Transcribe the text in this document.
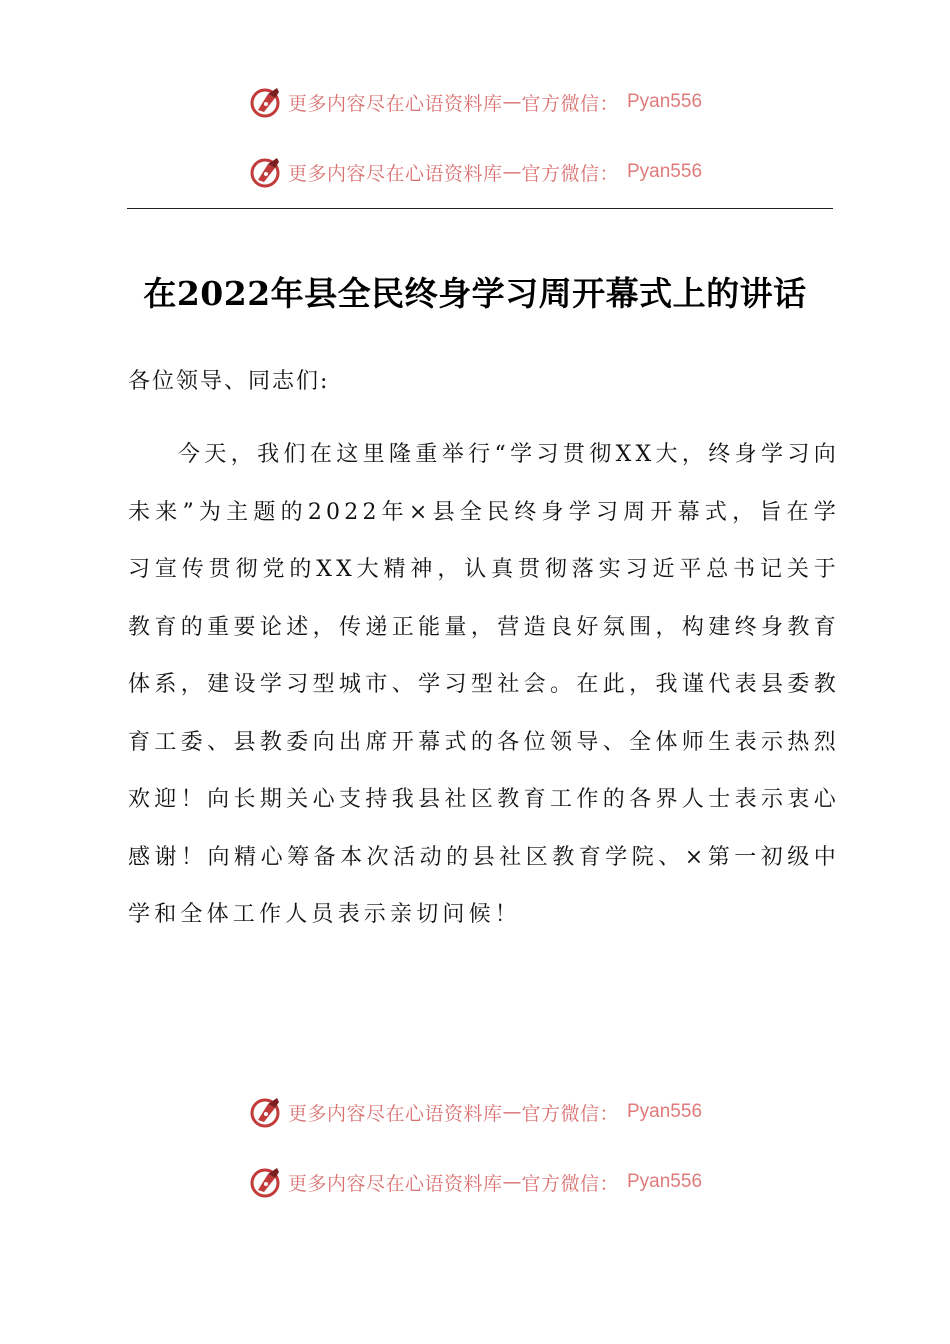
更多内容尽在心语资料库 — 官方微信： Pyan556
更多内容尽在心语资料库 — 官方微信： Pyan556
在2022年县全民终身学习周开幕式上的讲话
各位领导、同志们:
今天，我们在这里隆重举行“学习贯彻XX大，终身学习向未来”为主题的2022年×县全民终身学习周开幕式，旨在学习宣传贯彻党的XX大精神，认真贯彻落实习近平总书记关于教育的重要论述，传递正能量，营造良好氛围，构建终身教育体系，建设学习型城市、学习型社会。在此，我谨代表县委教育工委、县教委向出席开幕式的各位领导、全体师生表示热烈欢迎！向长期关心支持我县社区教育工作的各界人士表示衷心感谢！向精心筹备本次活动的县社区教育学院、×第一初级中学和全体工作人员表示亲切问候！
更多内容尽在心语资料库 — 官方微信： Pyan556
更多内容尽在心语资料库 — 官方微信： Pyan556
